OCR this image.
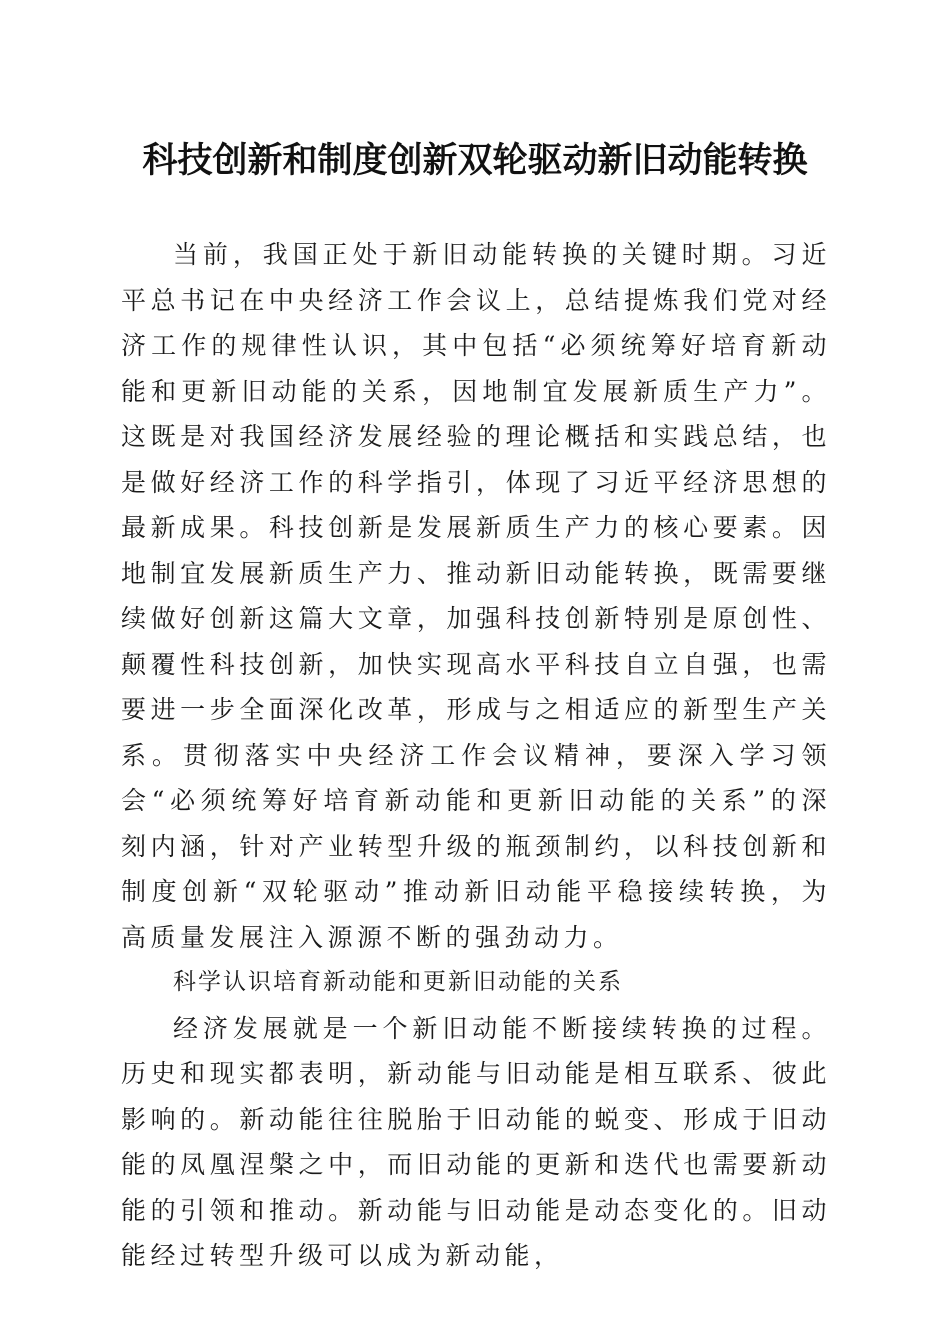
科技创新和制度创新双轮驱动新旧动能转换

当前，我国正处于新旧动能转换的关键时期。习近平总书记在中央经济工作会议上，总结提炼我们党对经济工作的规律性认识，其中包括“必须统筹好培育新动能和更新旧动能的关系，因地制宜发展新质生产力”。这既是对我国经济发展经验的理论概括和实践总结，也是做好经济工作的科学指引，体现了习近平经济思想的最新成果。科技创新是发展新质生产力的核心要素。因地制宜发展新质生产力、推动新旧动能转换，既需要继续做好创新这篇大文章，加强科技创新特别是原创性、颠覆性科技创新，加快实现高水平科技自立自强，也需要进一步全面深化改革，形成与之相适应的新型生产关系。贯彻落实中央经济工作会议精神，要深入学习领会“必须统筹好培育新动能和更新旧动能的关系”的深刻内涵，针对产业转型升级的瓶颈制约，以科技创新和制度创新“双轮驱动”推动新旧动能平稳接续转换，为高质量发展注入源源不断的强劲动力。

科学认识培育新动能和更新旧动能的关系

经济发展就是一个新旧动能不断接续转换的过程。历史和现实都表明，新动能与旧动能是相互联系、彼此影响的。新动能往往脱胎于旧动能的蜕变、形成于旧动能的凤凰涅槃之中，而旧动能的更新和迭代也需要新动能的引领和推动。新动能与旧动能是动态变化的。旧动能经过转型升级可以成为新动能，
